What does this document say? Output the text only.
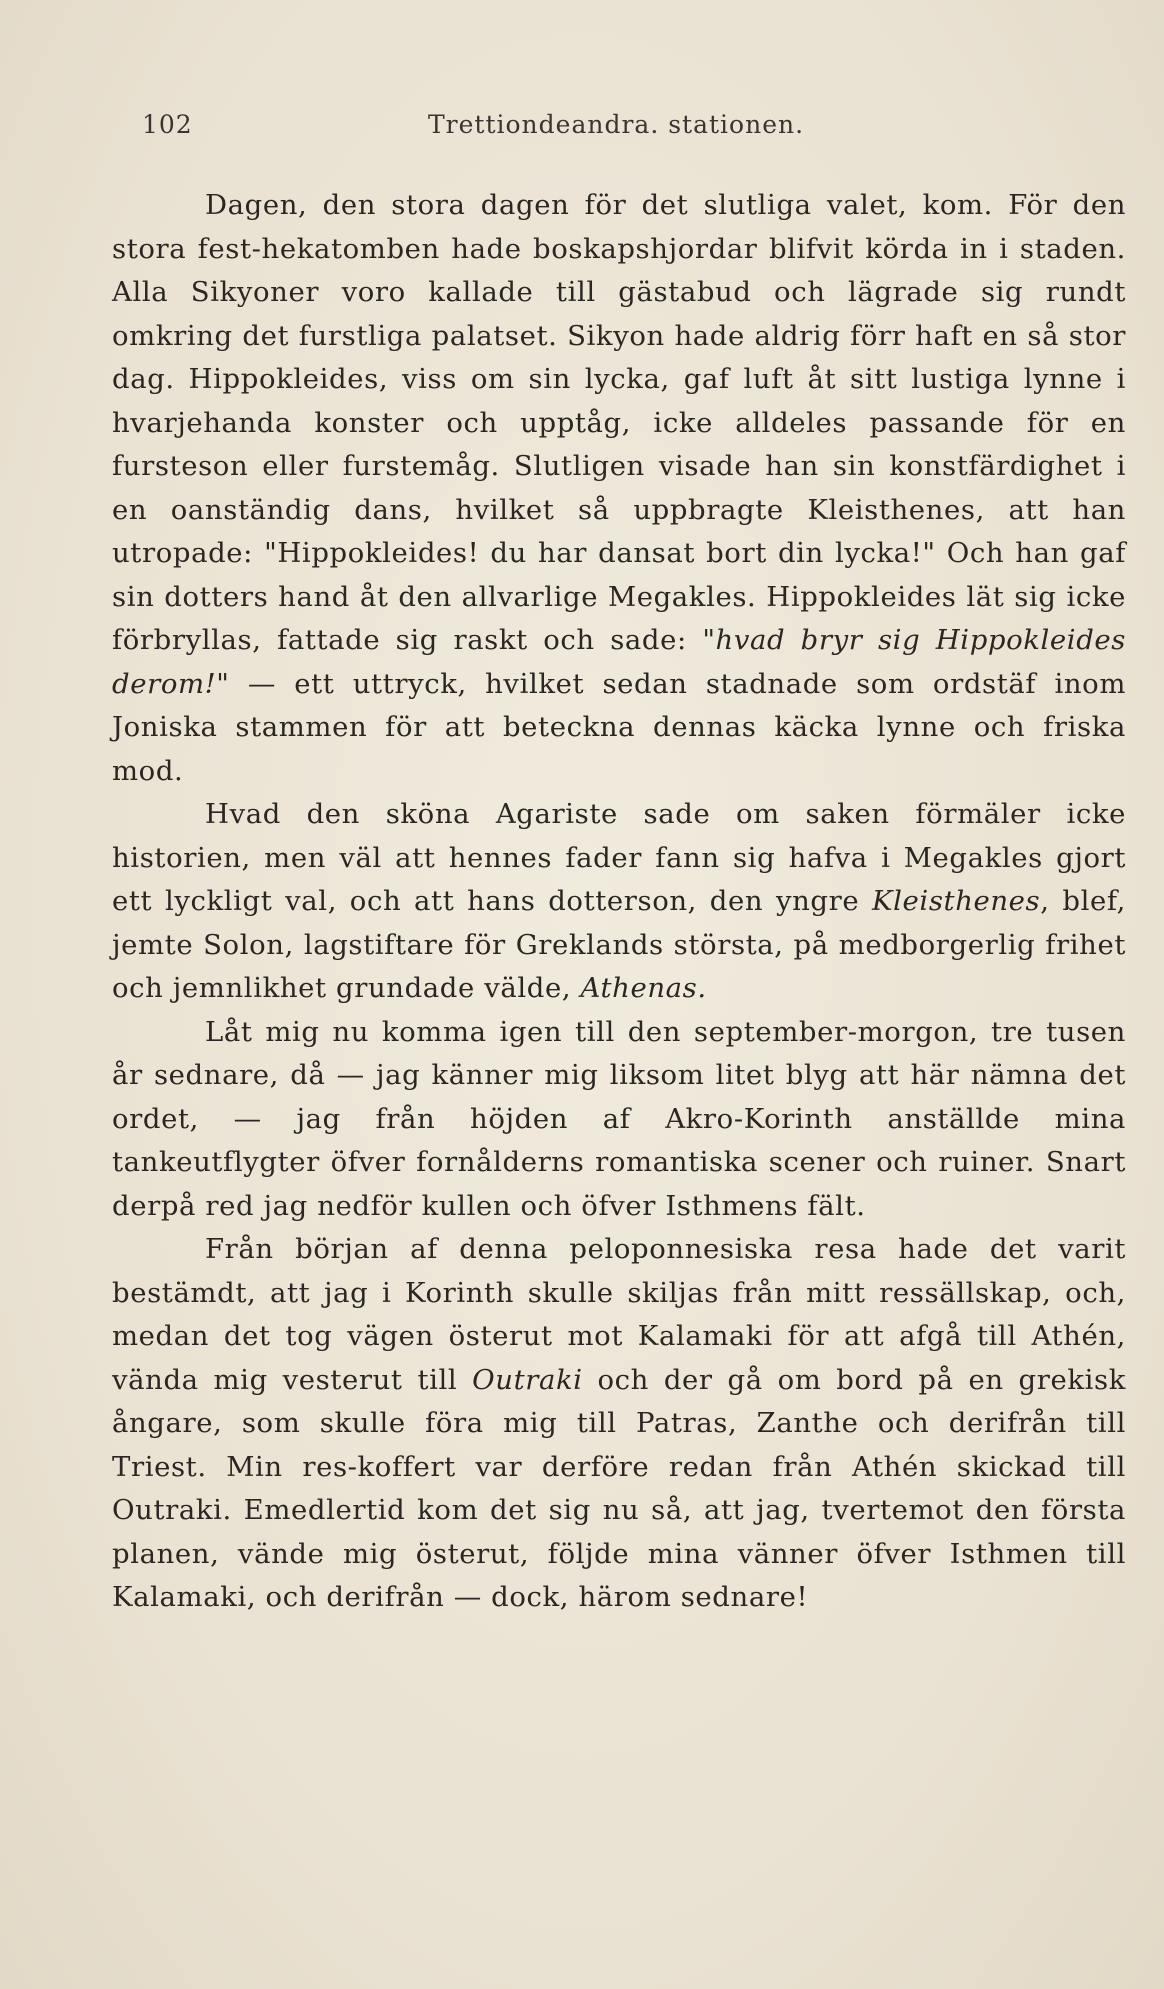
102	Trettiondeandra. stationen.

Dagen, den stora dagen för det slutliga valet, kom. För den stora fest-hekatomben hade boskapshjordar blifvit körda in i staden. Alla Sikyoner voro kallade till gästabud och lägrade sig rundt omkring det furstliga palatset. Sikyon hade aldrig förr haft en så stor dag. Hippokleides, viss om sin lycka, gaf luft åt sitt lustiga lynne i hvarjehanda konster och upptåg, icke alldeles passande för en fursteson eller furstemåg. Slutligen visade han sin konstfärdighet i en oanständig dans, hvilket så uppbragte Kleisthenes, att han utropade: "Hippokleides! du har dansat bort din lycka!" Och han gaf sin dotters hand åt den allvarlige Megakles. Hippokleides lät sig icke förbryllas, fattade sig raskt och sade: "hvad bryr sig Hippokleides derom!" — ett uttryck, hvilket sedan stadnade som ordstäf inom Joniska stammen för att beteckna dennas käcka lynne och friska mod.

Hvad den sköna Agariste sade om saken förmäler icke historien, men väl att hennes fader fann sig hafva i Megakles gjort ett lyckligt val, och att hans dotterson, den yngre Kleisthenes, blef, jemte Solon, lagstiftare för Greklands största, på medborgerlig frihet och jemnlikhet grundade välde, Athenas.

Låt mig nu komma igen till den september-morgon, tre tusen år sednare, då — jag känner mig liksom litet blyg att här nämna det ordet, — jag från höjden af Akro-Korinth anställde mina tankeutflygter öfver fornålderns romantiska scener och ruiner. Snart derpå red jag nedför kullen och öfver Isthmens fält.

Från början af denna peloponnesiska resa hade det varit bestämdt, att jag i Korinth skulle skiljas från mitt ressällskap, och, medan det tog vägen österut mot Kalamaki för att afgå till Athén, vända mig vesterut till Outraki och der gå om bord på en grekisk ångare, som skulle föra mig till Patras, Zanthe och derifrån till Triest. Min res-koffert var derföre redan från Athén skickad till Outraki. Emedlertid kom det sig nu så, att jag, tvertemot den första planen, vände mig österut, följde mina vänner öfver Isthmen till Kalamaki, och derifrån — dock, härom sednare!
